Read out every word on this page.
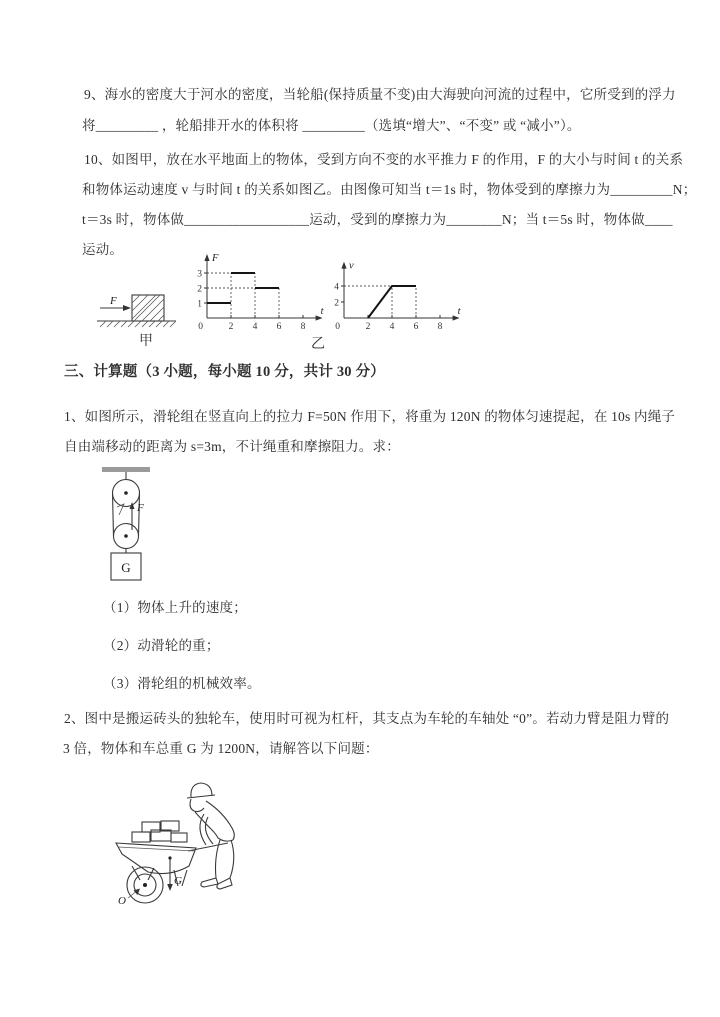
9、海水的密度大于河水的密度，当轮船(保持质量不变)由大海驶向河流的过程中，它所受到的浮力
将_________ ，轮船排开水的体积将 _________（选填“增大”、“不变” 或 “减小”）。
10、如图甲，放在水平地面上的物体，受到方向不变的水平推力 F 的作用，F 的大小与时间 t 的关系
和物体运动速度 v 与时间 t 的关系如图乙。由图像可知当 t＝1s 时，物体受到的摩擦力为_________N；
t＝3s 时，物体做__________________运动，受到的摩擦力为________N；当 t＝5s 时，物体做____
运动。
F
甲
F
t
0
1
2
3
2 4 6 8
v
t
0
2
4
2 4 6 8
乙
三、计算题（3 小题，每小题 10 分，共计 30 分）
1、如图所示，滑轮组在竖直向上的拉力 F=50N 作用下，将重为 120N 的物体匀速提起，在 10s 内绳子
自由端移动的距离为 s=3m，不计绳重和摩擦阻力。求：
F
G
（1）物体上升的速度；
（2）动滑轮的重；
（3）滑轮组的机械效率。
2、图中是搬运砖头的独轮车，使用时可视为杠杆，其支点为车轮的车轴处 “0”。若动力臂是阻力臂的
3 倍，物体和车总重 G 为 1200N，请解答以下问题：
G
O
